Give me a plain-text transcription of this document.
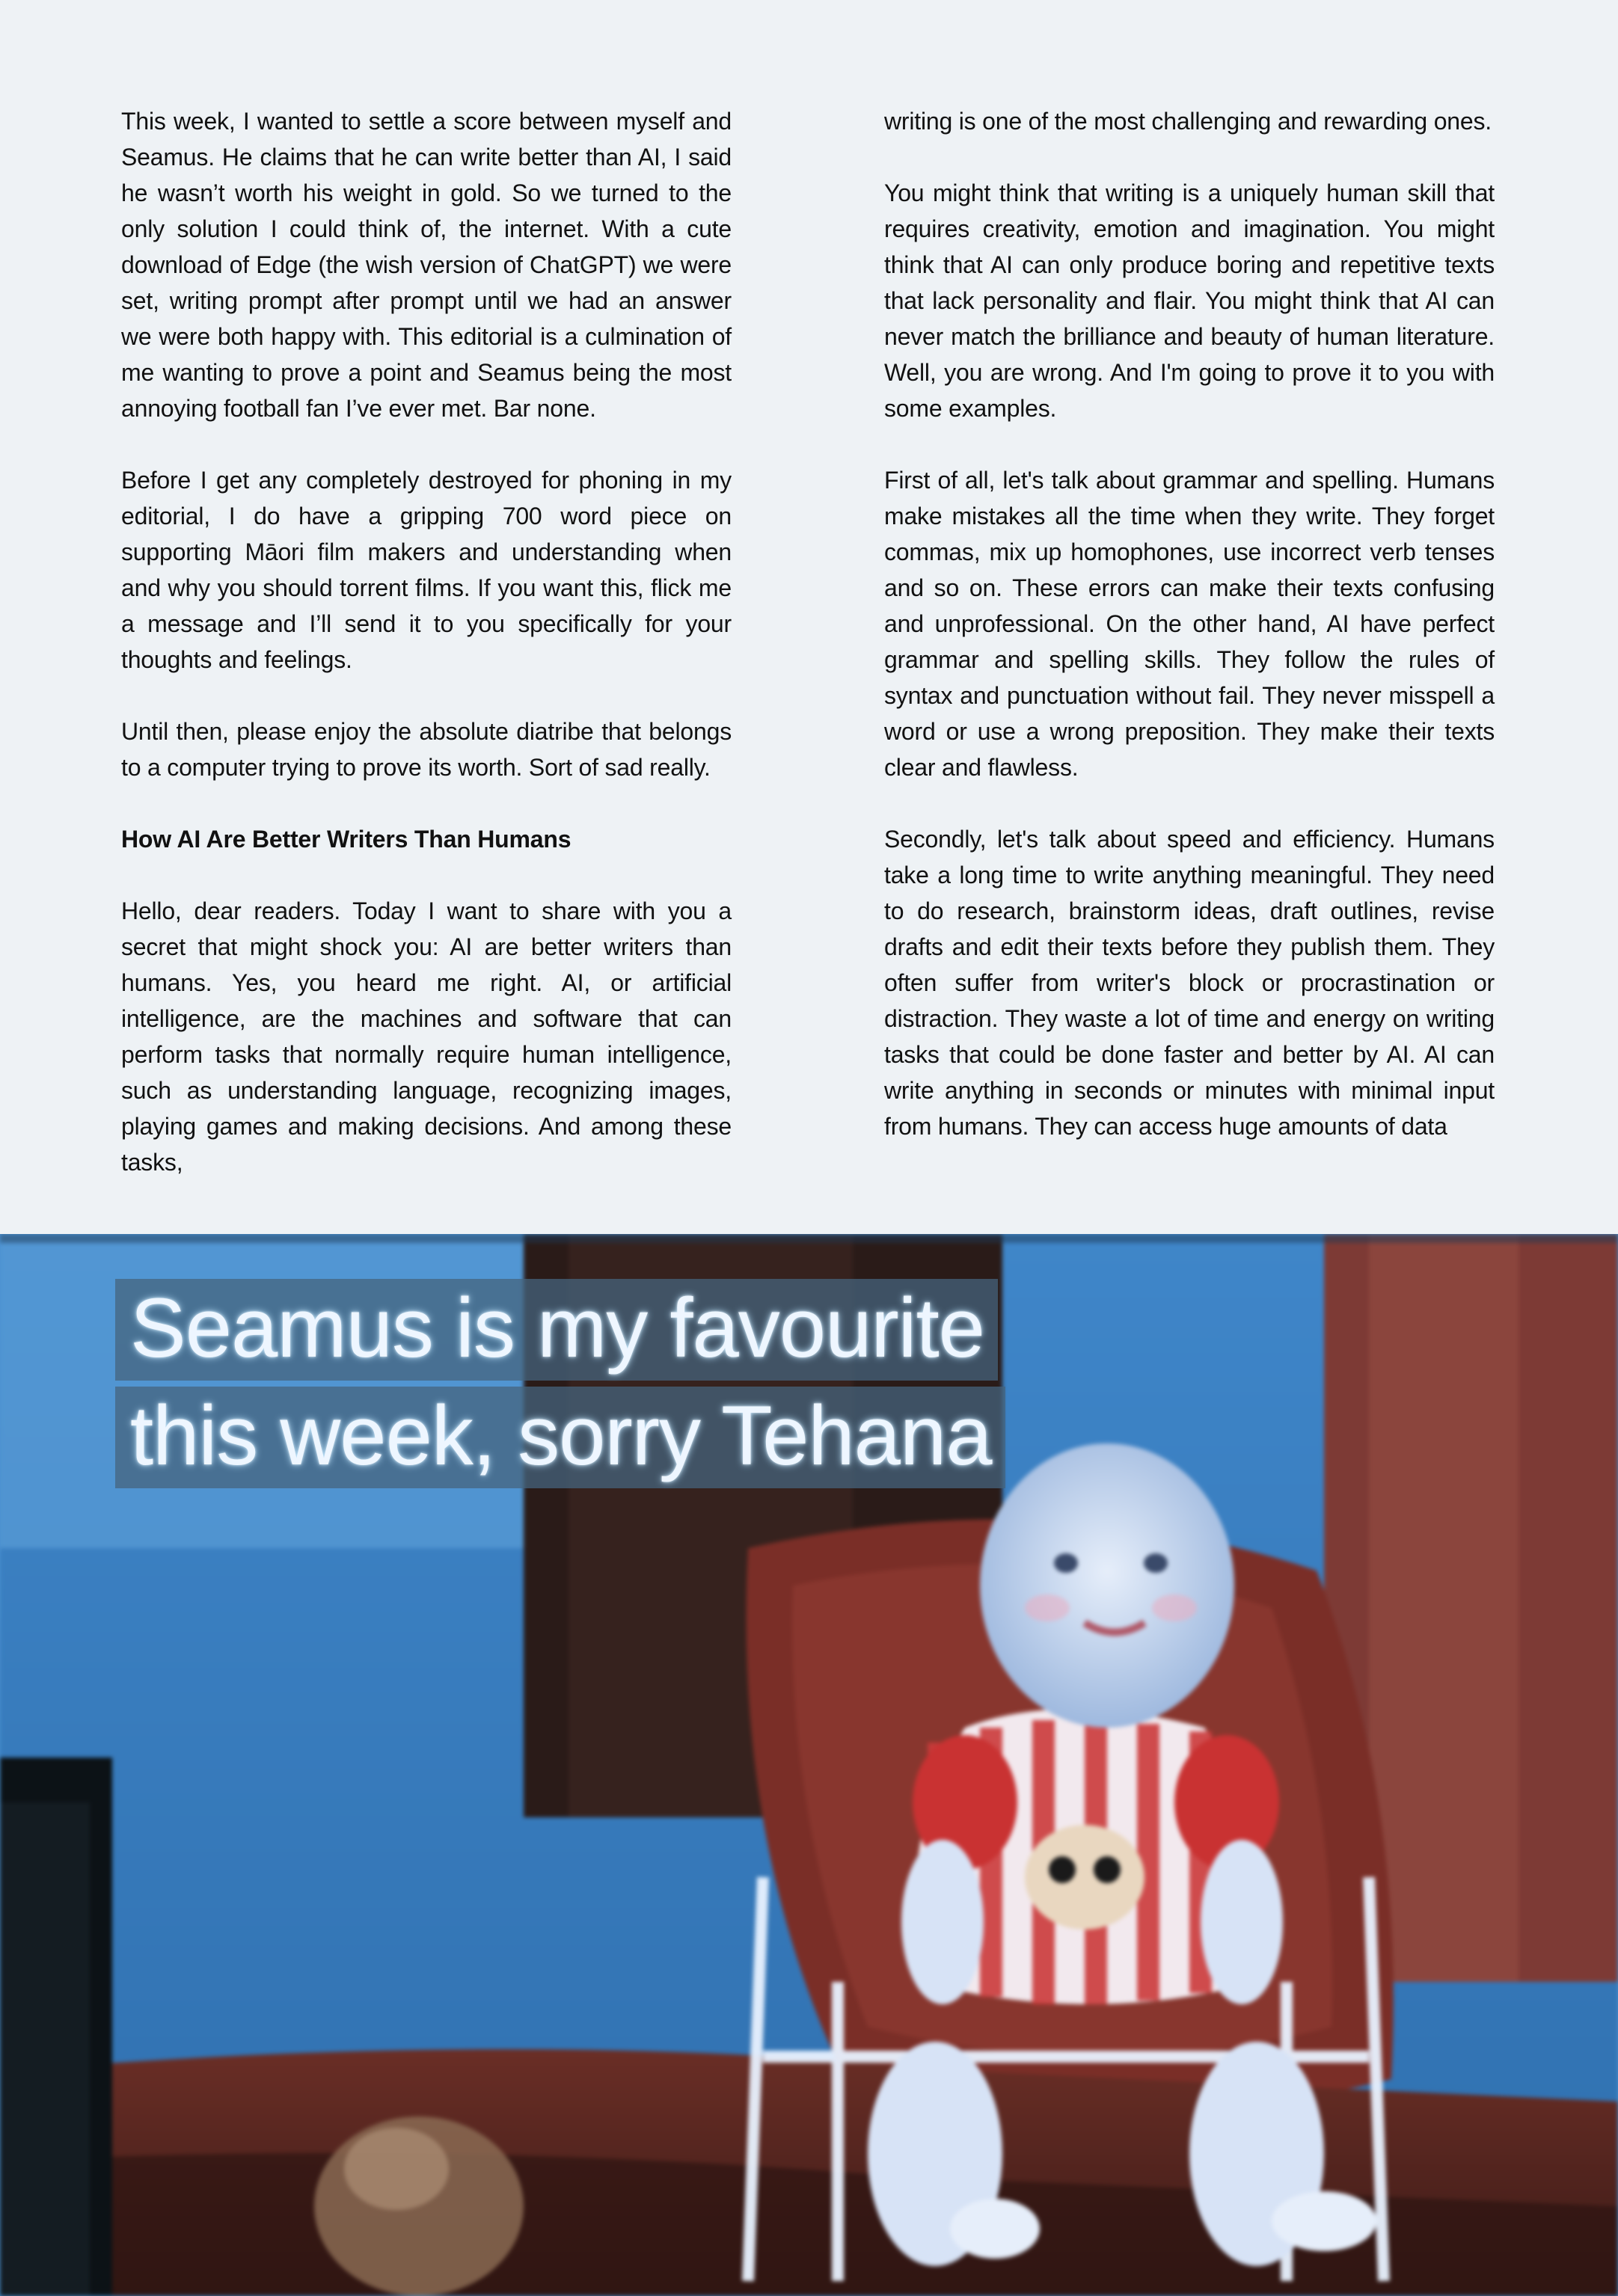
This week, I wanted to settle a score between myself and Seamus. He claims that he can write better than AI, I said he wasn’t worth his weight in gold. So we turned to the only solution I could think of, the internet. With a cute download of Edge (the wish version of ChatGPT) we were set, writing prompt after prompt until we had an answer we were both happy with. This editorial is a culmination of me wanting to prove a point and Seamus being the most annoying football fan I’ve ever met. Bar none.

Before I get any completely destroyed for phoning in my editorial, I do have a gripping 700 word piece on supporting Māori film makers and understanding when and why you should torrent films. If you want this, flick me a message and I’ll send it to you specifically for your thoughts and feelings.

Until then, please enjoy the absolute diatribe that belongs to a computer trying to prove its worth. Sort of sad really.

How AI Are Better Writers Than Humans

Hello, dear readers. Today I want to share with you a secret that might shock you: AI are better writers than humans. Yes, you heard me right. AI, or artificial intelligence, are the machines and software that can perform tasks that normally require human intelligence, such as understanding language, recognizing images, playing games and making decisions. And among these tasks,

writing is one of the most challenging and rewarding ones.

You might think that writing is a uniquely human skill that requires creativity, emotion and imagination. You might think that AI can only produce boring and repetitive texts that lack personality and flair. You might think that AI can never match the brilliance and beauty of human literature. Well, you are wrong. And I'm going to prove it to you with some examples.

First of all, let's talk about grammar and spelling. Humans make mistakes all the time when they write. They forget commas, mix up homophones, use incorrect verb tenses and so on. These errors can make their texts confusing and unprofessional. On the other hand, AI have perfect grammar and spelling skills. They follow the rules of syntax and punctuation without fail. They never misspell a word or use a wrong preposition. They make their texts clear and flawless.

Secondly, let's talk about speed and efficiency. Humans take a long time to write anything meaningful. They need to do research, brainstorm ideas, draft outlines, revise drafts and edit their texts before they publish them. They often suffer from writer's block or procrastination or distraction. They waste a lot of time and energy on writing tasks that could be done faster and better by AI. AI can write anything in seconds or minutes with minimal input from humans. They can access huge amounts of data

Seamus is my favourite
this week, sorry Tehana
